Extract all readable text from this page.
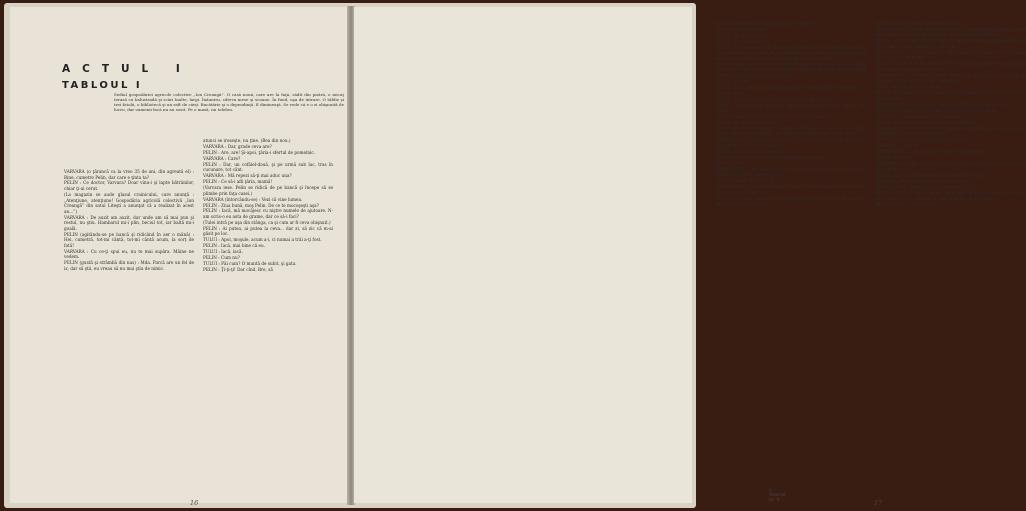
ACTUL I
TABLOUL I
Sediul gospodăriei agricole colective „Ion Creangă”. O casă nouă, care are la faţă, sădit din piatră, o micuţ terasă cu balustradă şi scări înalte, largi. Înăuntru, câteva mese şi scaune. În fund, uşa de intrare. O tăblie şi trei fotolii, o bibliotecă şi un raft de cărţi. Bucătărie şi o dependinţă. E dimineaţă. Se vede că e o zi obişnuită de lucru, dar oamenii încă nu au sosit. Pe o masă, un telefon.

VARVARA (o ţărancă ca la vreo 35 de ani, din agreată el) : Bine, cumetre Pelin, dar care e ţinta ta?

PELIN : Ce doctor, Varvara? Doar vinu-i şi lapte bătrânilor, chiar ţi-ai cerut.

(La magazin se aude glasul crainicului, care anunţă : „Atenţiune, atenţiune! Gospodăria agricolă colectivă „Ion Creangă” din satul Liteşti a anunţat că a realizat în acest an...”)

VARVARA : De auzit am auzit, dar unde am să mai pun şi restul, nu ştiu. Hambarul mi-i plin, beciul tot, iar baltă mi-i goală.

PELIN (agitându-se pe bancă şi ridicând în aer o mână) : Hei, cumetră, tot-mi cântă, tot-mi cântă acum, la sorţ de fată!

VARVARA : Cu ce-ţi spui eu, nu te mai supăra. Mâine ne vedem.

PELIN (gustă şi strâmbă din nas) : Mda. Parcă are un fel de iz, dar să ştii, eu vreau să nu mai ştiu de nimic.

atunci se iroseşte, nu ţine. (Bea din nou.)

VARVARA : Dar, grade ceva are?

PELIN : Are, are! Şi-apoi, ţăria-i sfertul de pomelnic.

VARVARA : Care?

PELIN : Dar, un cofăiel-două, şi pe urmă sub lac, tras în cucunare, tot cânt.

VARVARA : Mă repezi să-ţi mai aduc una?

PELIN : Ce să-i afli ţăria, mamă!

(Varvara iese. Pelin se ridică de pe bancă şi începe să se plimbe prin faţa casei.)

VARVARA (întorcându-se) : Vezi că vine lumea.

PELIN : Ziua bună, moş Pelin. De ce te mocoşeşti aşa?

PELIN : Iacă, mă mocăjesc cu niştre numele de ajutoare. N-am scris-o eu asta de grame, dar ce să-i faci?

(Tulei intră pe uşa din stânga, ca şi cum ar fi ceva obişnuit.)

PELIN : Ai putea, ai putea la ceva... dar zi, să zic că m-ai găsit pe loc.

TULUI : Apoi, moşule, acum a-i, ci numai a trăi a-ţi fost.

PELIN : Iacă, mai bine că eu.

TULUI : Iacă, iacă.

PELIN : Cum nu?

TULUI : Păi cum? O muntă de subit, şi gata.

PELIN : Ţi-ţi-ţi! Dar cînd. Bre, să

16

doar ieri dimineaţă am găit cu dinsa la bufet?!

TULUI : Iaca asa, bine.

PELIN : Nu mă-nebuni!

TULUI : Dacă-ţi spun eu!

PELIN : Şi, cum, mă rog? Doar era sănătoasă ca pe vremea anii. Era cum un cotineţ cu baba mea. Dumnezeu s-o ierte, că ghicuşa avea o meliţă, şi-i umbla, de parcă-mpuşca dintr-însa, nu alta!

TULUI : Apoi, ce vrei? Vorba lungă! O bătut, înainte de-amiază, nişte fasole, pe urmă o mâncat o bolătă de mămăliguţă caldă cu nişte lapte dulce, şi-o-ngăuit vreo două jumbeli.

PELIN : Sfîrşit!

TULUI : Iar după aceea, aşteaţi cum era şi cum trudiră o somnorită...

PELIN : Şi-a?

TULUI : Şi aşteaţi, şi dormit întristată ca la un ceas bun...

PELIN : Ţi-ţi-ţi! Auzi păcatul! Dacă nu-mi vine să mă aştept, nu crede...

TULUI : Apoi nu, că de cel 83 de lei o spus dumnealui.

PELIN : Ei, asa dar ! Brava !

(Intră grăbit prin stînga, cîştind mărunţel cu un sul de hârtii subsuoară, Ion Moşneguţu, un moşneag în ţară şi hainele de dimie.)

MOŞNEGUŢU (fluierînd după Tului) : Tului, Tului, stai, bre! Nu te mai duce nicăieri. Stai că s-o anulat!

TULUI : Ce s-o anulat, moşule?

MOŞNEGUŢU : S-o anulat problema cu ceasuri-le?

PELIN : Ha?

MOŞNEGUŢU : Da, măi Mihai, e-o alergat mătuşa la fiica acesa de felcerita ş-a avut voie de toate...

TULUI (adună cu Pelin) : Şi, ş?

MOŞNEGUŢU : Ce mai bure-vara, nene? Cum o-mişcat-o, cum s-o mai trezit din somn aşa.

PELIN : Ai văzut comedie? Eu cînd spun, bre, că soarul să acum cu nişte nuinţi, cum să zic...

PELIN : Ce spui, vere, de hututuiul ista ?

MOŞNEGUŢU : N-are gîunate ţe cear! Cînd se întîmplă aîtîea, când aşi lumea merge gîouse înainte şi cînd se râcocoe aîtea, ei...

PELIN : Dacă ? Păi, nu mai departe de cînd au ieşit prevestirile, tot frica cea de cinci: bărbaţi că trăieşte...

MOŞNEGUŢU : Aici ai dreptate. Afla numai că, uneori, ce-o pâlpîie ea de ceva, ce-o ghiceşte...

PELIN : Şi, de ? Te gîndeşti la Vasile Ursu, preşedintele nostru, şi la Sica Ciuper, bîrigadiera noastră?

MOŞNEGUŢU : Ce sepcă lîngă Pelin? Da, nu-şi dau mai mâna, în vremea de mai devreme, pe răgazul lor.

(Intră Varvara cu încă o ulcică.)

PELIN : Mulţămesc! (Trece ulcica lui Moşneguţu.) Da-ţi-i să ţie, vere, cu plăcere.

MOŞNEGUŢU (cupă ce bea) : Har, vin de două urechi, tot ca...

PELIN : Păi, sigur, că-i ăsta de la noi, nu ţi-s dintre ăştia...

VARVARA : Iacă, am mai adus o oleacă.

PELIN : Nu cu ţuica, ţuica, asa, că se întîmplă...

MOŞNEGUŢU : Ei, şi-o s-o lua în mâna ca s-o plîngă, pe acu o ceşă...

VARVARA : Instructorul de partid.

PELIN : Asta care stă în gaztă la Chiper, nu ?

VARVARA : Chiar el.

MOŞNEGUŢU : Iacă, încă nu-l cunosc cum trebuie.

PELIN : Nici eu.

VARVARA : Ia, li foc să pară, cumetre. Abia o venit şi l-o luat la trei pe preşedinte nostru.

PELIN : Ba ? Dacă preşedintele ne mănîncă de ani ?

VARVARA : Parcă de plouase n-o fi auzit ?

MOŞNEGUŢU : Înseamnă că-i tare, bre, tare.

PELIN : Instructorul ? Păi, eu, vere, cînd ajunsei de vreo 28 de ani. Am un harbuz mi-mâneau, o sapă şi un tău de-a verilor...

MOŞNEGUŢU : Adică, Ursu ?

2 – Teatrul nr. 6	17
